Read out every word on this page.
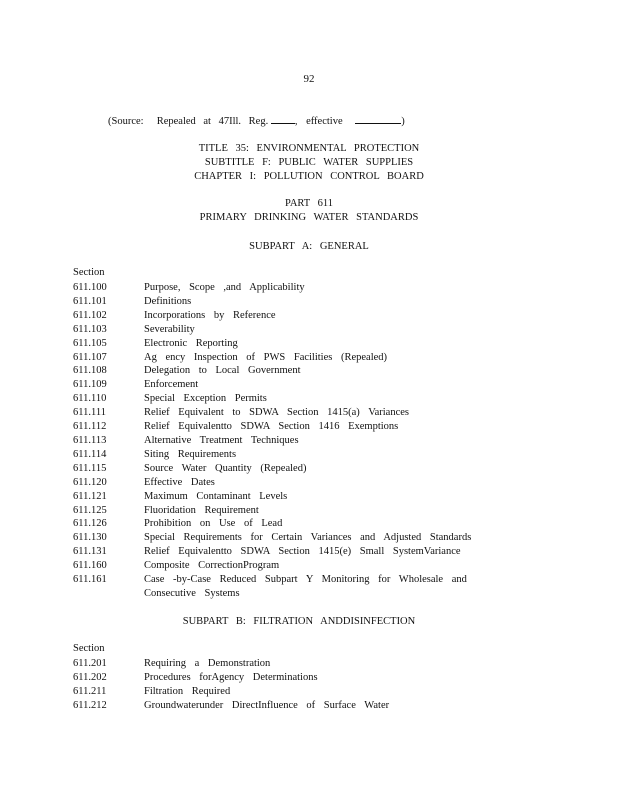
92
(Source: Repealed at 47Ill. Reg.	, effective	)
TITLE 35: ENVIRONMENTAL PROTECTION
SUBTITLE F: PUBLIC WATER SUPPLIES
CHAPTER I: POLLUTION CONTROL BOARD
PART 611
PRIMARY DRINKING WATER STANDARDS
SUBPART A: GENERAL
Section
611.100	Purpose, Scope ,and Applicability
611.101	Definitions
611.102	Incorporations by Reference
611.103	Severability
611.105	Electronic Reporting
611.107	Ag ency Inspection of PWS Facilities (Repealed)
611.108	Delegation to Local Government
611.109	Enforcement
611.110	Special Exception Permits
611.111	Relief Equivalent to SDWA Section 1415(a) Variances
611.112	Relief Equivalentto SDWA Section 1416 Exemptions
611.113	Alternative Treatment Techniques
611.114	Siting Requirements
611.115	Source Water Quantity (Repealed)
611.120	Effective Dates
611.121	Maximum Contaminant Levels
611.125	Fluoridation Requirement
611.126	Prohibition on Use of Lead
611.130	Special Requirements for Certain Variances and Adjusted Standards
611.131	Relief Equivalentto SDWA Section 1415(e) Small SystemVariance
611.160	Composite CorrectionProgram
611.161	Case -by-Case Reduced Subpart Y Monitoring for Wholesale and Consecutive Systems
SUBPART B: FILTRATION ANDDISINFECTION
Section
611.201	Requiring a Demonstration
611.202	Procedures forAgency Determinations
611.211	Filtration Required
611.212	Groundwaterunder DirectInfluence of Surface Water
